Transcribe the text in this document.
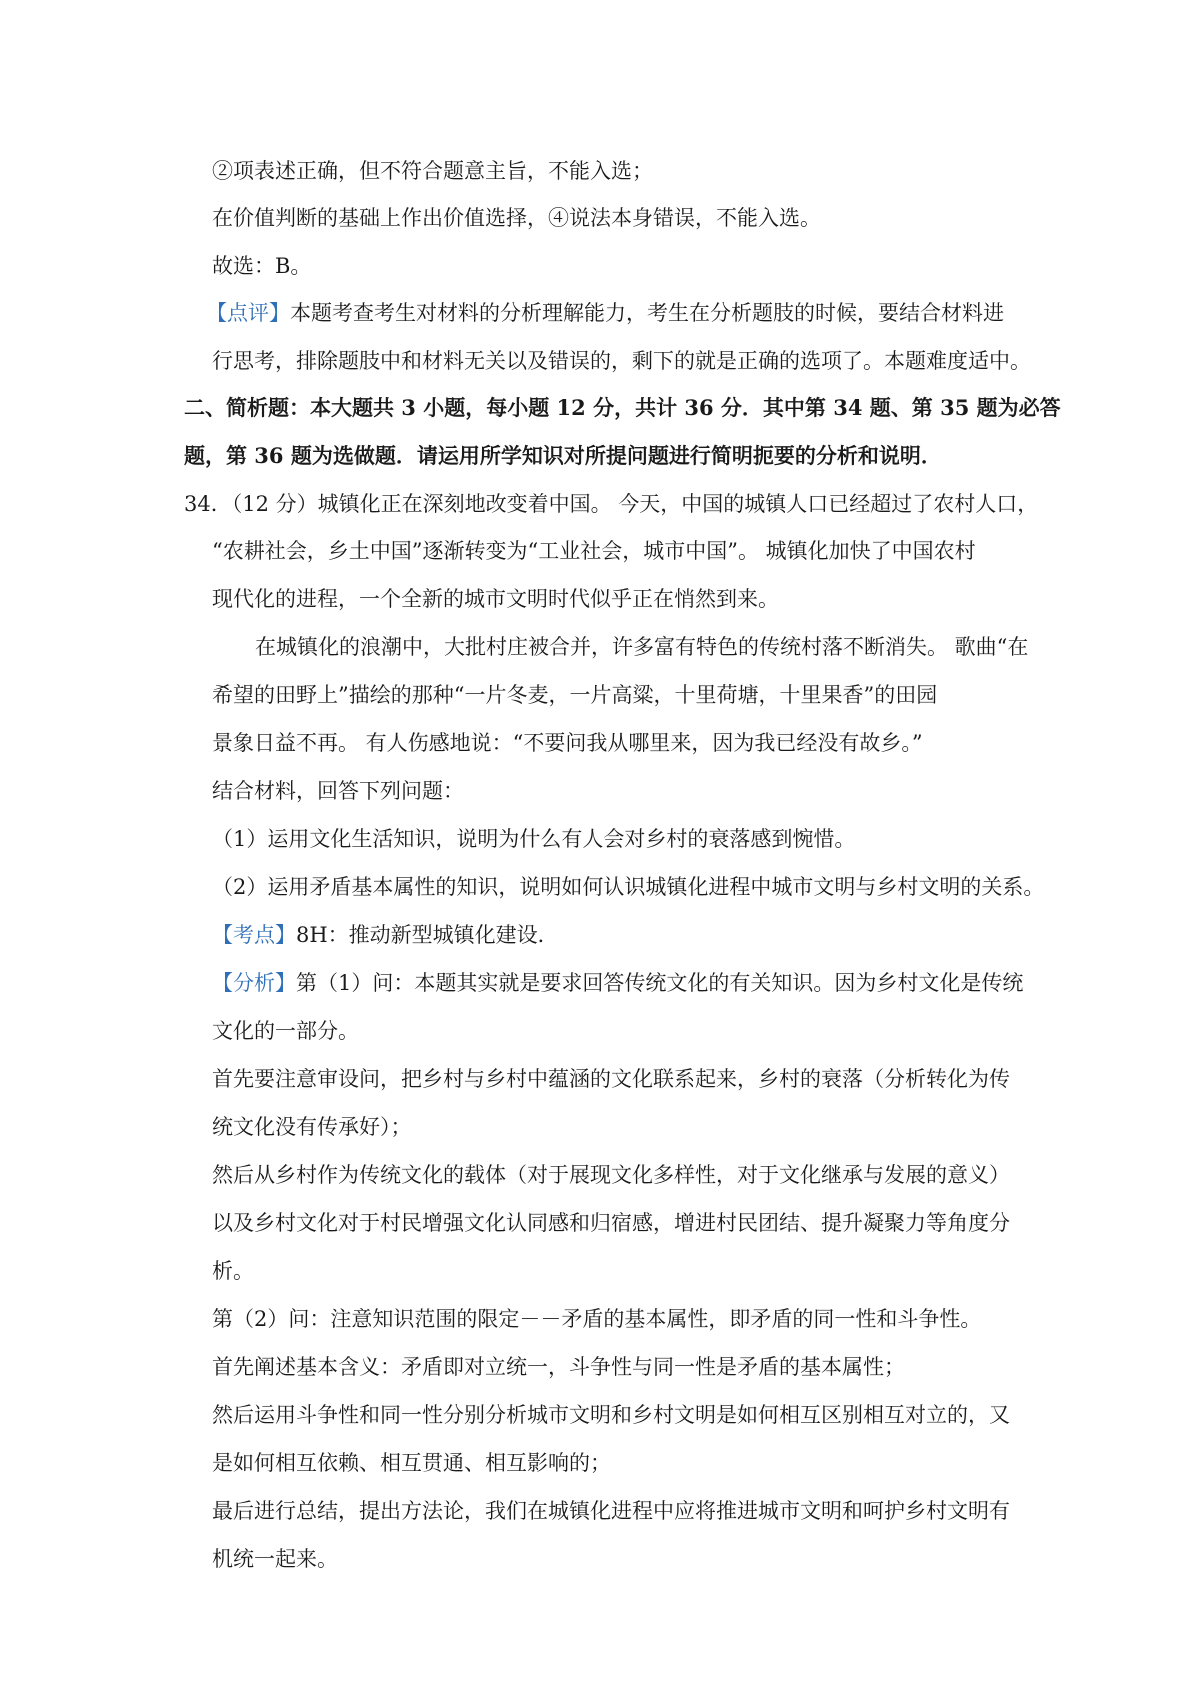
②项表述正确，但不符合题意主旨，不能入选；
在价值判断的基础上作出价值选择，④说法本身错误，不能入选。
故选：B。
【点评】本题考查考生对材料的分析理解能力，考生在分析题肢的时候，要结合材料进
行思考，排除题肢中和材料无关以及错误的，剩下的就是正确的选项了。本题难度适中。
二、简析题：本大题共 3 小题，每小题 12 分，共计 36 分．其中第 34 题、第 35 题为必答
题，第 36 题为选做题．请运用所学知识对所提问题进行简明扼要的分析和说明．
34．（12 分）城镇化正在深刻地改变着中国。 今天，中国的城镇人口已经超过了农村人口，
“农耕社会，乡土中国”逐渐转变为“工业社会，城市中国”。 城镇化加快了中国农村
现代化的进程，一个全新的城市文明时代似乎正在悄然到来。
在城镇化的浪潮中，大批村庄被合并，许多富有特色的传统村落不断消失。 歌曲“在
希望的田野上”描绘的那种“一片冬麦，一片高粱，十里荷塘，十里果香”的田园
景象日益不再。 有人伤感地说：“不要问我从哪里来，因为我已经没有故乡。”
结合材料，回答下列问题：
（1）运用文化生活知识，说明为什么有人会对乡村的衰落感到惋惜。
（2）运用矛盾基本属性的知识，说明如何认识城镇化进程中城市文明与乡村文明的关系。
【考点】8H：推动新型城镇化建设．
【分析】第（1）问：本题其实就是要求回答传统文化的有关知识。因为乡村文化是传统
文化的一部分。
首先要注意审设问，把乡村与乡村中蕴涵的文化联系起来，乡村的衰落（分析转化为传
统文化没有传承好）；
然后从乡村作为传统文化的载体（对于展现文化多样性，对于文化继承与发展的意义）
以及乡村文化对于村民增强文化认同感和归宿感，增进村民团结、提升凝聚力等角度分
析。
第（2）问：注意知识范围的限定－－矛盾的基本属性，即矛盾的同一性和斗争性。
首先阐述基本含义：矛盾即对立统一，斗争性与同一性是矛盾的基本属性；
然后运用斗争性和同一性分别分析城市文明和乡村文明是如何相互区别相互对立的，又
是如何相互依赖、相互贯通、相互影响的；
最后进行总结，提出方法论，我们在城镇化进程中应将推进城市文明和呵护乡村文明有
机统一起来。
